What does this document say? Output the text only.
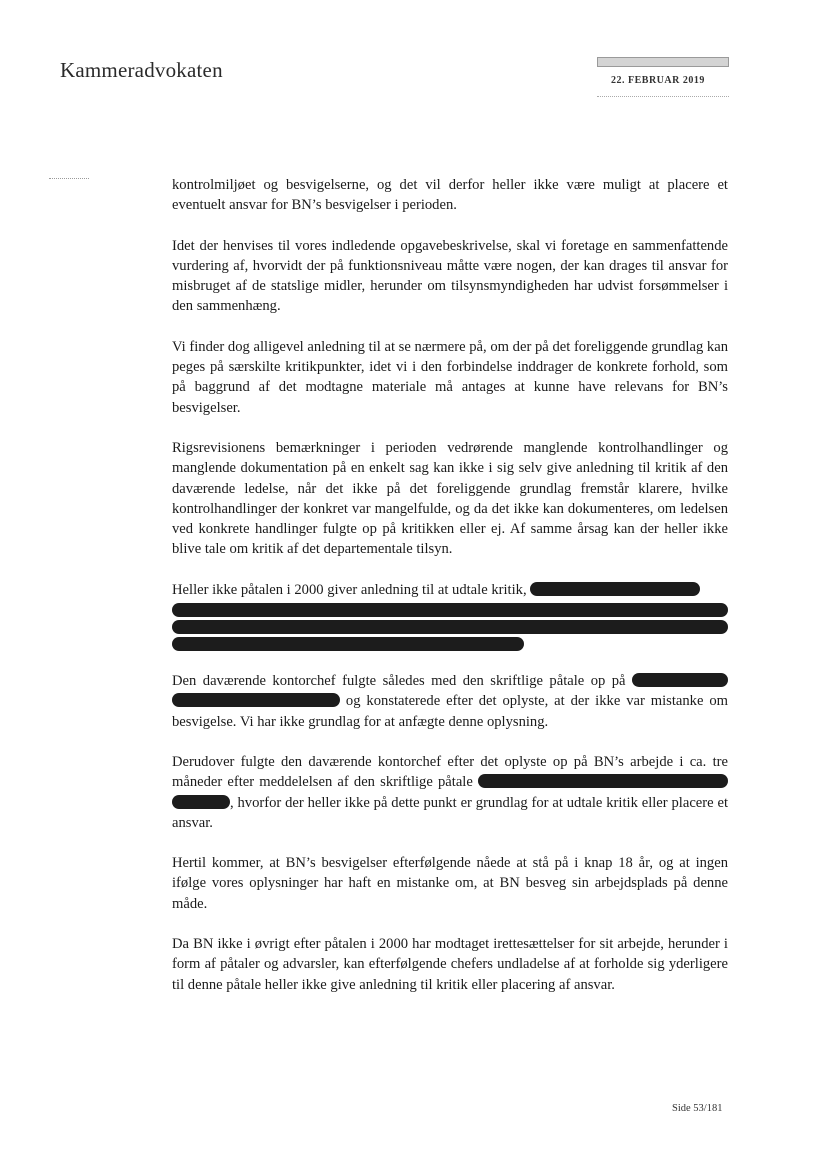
Kammeradvokaten	22. FEBRUAR 2019

kontrolmiljøet og besvigelserne, og det vil derfor heller ikke være muligt at placere et eventuelt ansvar for BN’s besvigelser i perioden.

Idet der henvises til vores indledende opgavebeskrivelse, skal vi foretage en sammenfattende vurdering af, hvorvidt der på funktionsniveau måtte være nogen, der kan drages til ansvar for misbruget af de statslige midler, herunder om tilsynsmyndigheden har udvist forsømmelser i den sammenhæng.

Vi finder dog alligevel anledning til at se nærmere på, om der på det foreliggende grundlag kan peges på særskilte kritikpunkter, idet vi i den forbindelse inddrager de konkrete forhold, som på baggrund af det modtagne materiale må antages at kunne have relevans for BN’s besvigelser.

Rigsrevisionens bemærkninger i perioden vedrørende manglende kontrolhandlinger og manglende dokumentation på en enkelt sag kan ikke i sig selv give anledning til kritik af den daværende ledelse, når det ikke på det foreliggende grundlag fremstår klarere, hvilke kontrolhandlinger der konkret var mangelfulde, og da det ikke kan dokumenteres, om ledelsen ved konkrete handlinger fulgte op på kritikken eller ej. Af samme årsag kan der heller ikke blive tale om kritik af det departementale tilsyn.

Heller ikke påtalen i 2000 giver anledning til at udtale kritik,

Den daværende kontorchef fulgte således med den skriftlige påtale op på   og konstaterede efter det oplyste, at der ikke var mistanke om besvigelse. Vi har ikke grundlag for at anfægte denne oplysning.

Derudover fulgte den daværende kontorchef efter det oplyste op på BN’s arbejde i ca. tre måneder efter meddelelsen af den skriftlige påtale  , hvorfor der heller ikke på dette punkt er grundlag for at udtale kritik eller placere et ansvar.

Hertil kommer, at BN’s besvigelser efterfølgende nåede at stå på i knap 18 år, og at ingen ifølge vores oplysninger har haft en mistanke om, at BN besveg sin arbejdsplads på denne måde.

Da BN ikke i øvrigt efter påtalen i 2000 har modtaget irettesættelser for sit arbejde, herunder i form af påtaler og advarsler, kan efterfølgende chefers undladelse af at forholde sig yderligere til denne påtale heller ikke give anledning til kritik eller placering af ansvar.

Side 53/181
